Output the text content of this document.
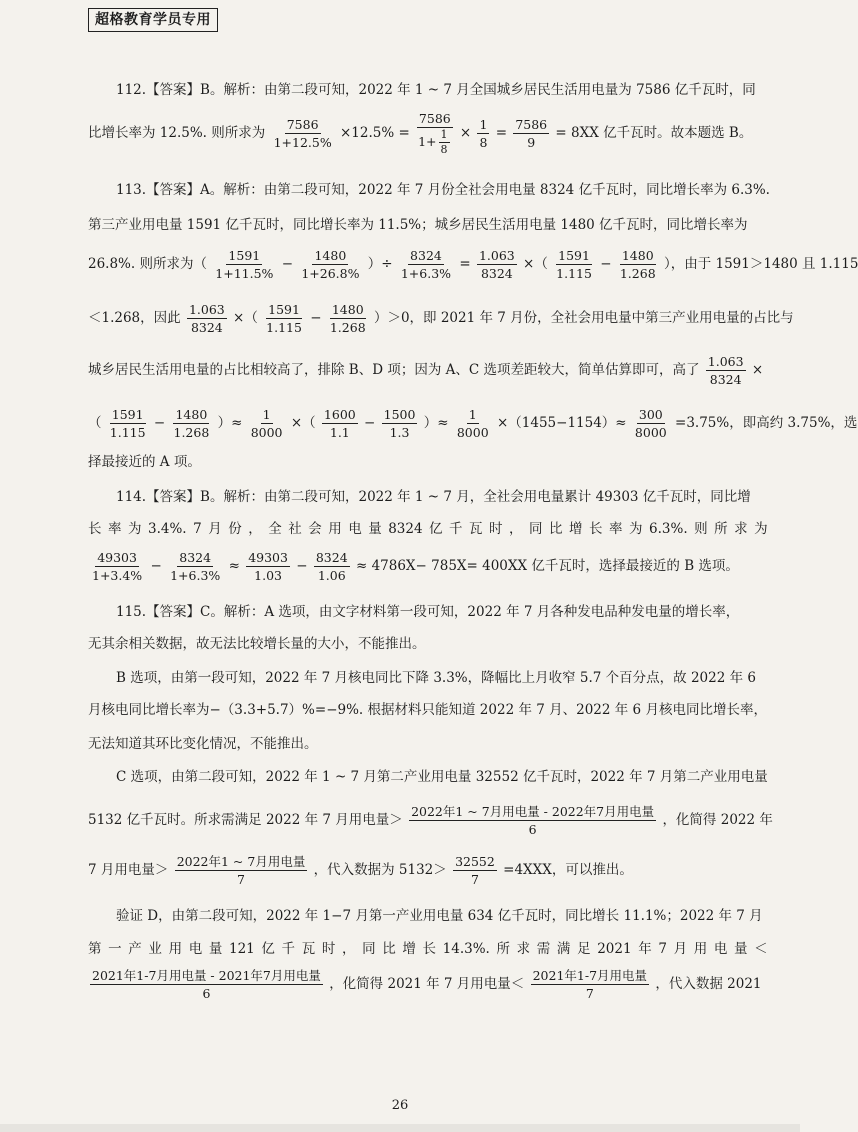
超格教育学员专用
112.【答案】B。解析：由第二段可知，2022 年 1 ~ 7 月全国城乡居民生活用电量为 7586 亿千瓦时，同
比增长率为 12.5%. 则所求为 $\frac{7586}{1+12.5\%} \times 12.5\% = \frac{7586}{1+ \frac{1}{8}} \times \frac{1}{8} = \frac{7586}{9} = 8XX$ 亿千瓦时。故本题选 B。
113.【答案】A。解析：由第二段可知，2022 年 7 月份全社会用电量 8324 亿千瓦时，同比增长率为 6.3%.
第三产业用电量 1591 亿千瓦时，同比增长率为 11.5%；城乡居民生活用电量 1480 亿千瓦时，同比增长率为
26.8%. 则所求为（ $\frac{1591}{1+11.5\%} - \frac{1480}{1+26.8\%}$ ）÷ $\frac{8324}{1+6.3\%} = \frac{1.063}{8324}$ ×（ $\frac{1591}{1.115} - \frac{1480}{1.268}$ ），由于 1591＞1480 且 1.115
＜1.268，因此 $\frac{1.063}{8324}$ ×（ $\frac{1591}{1.115} - \frac{1480}{1.268} )>0$，即 2021 年 7 月份，全社会用电量中第三产业用电量的占比与
城乡居民生活用电量的占比相较高了，排除 B、D 项；因为 A、C 选项差距较大，简单估算即可，高了 $\frac{1.063}{8324}$ ×
（ $\frac{1591}{1.115} - \frac{1480}{1.268}$ ）≈ $\frac{1}{8000}$ ×（ $\frac{1600}{1.1} - \frac{1500}{1.3}$ ）≈ $\frac{1}{8000} \times(1455-1154)\approx \frac{300}{8000} =3.75\%$，即高约 3.75%，选
择最接近的 A 项。
114.【答案】B。解析：由第二段可知，2022 年 1 ~ 7 月，全社会用电量累计 49303 亿千瓦时，同比增
长 率 为 3.4%. 7 月 份 ， 全 社 会 用 电 量 8324 亿 千 瓦 时 ， 同 比 增 长 率 为 6.3%. 则 所 求 为
$\frac{49303}{1+3.4\%} - \frac{8324}{1+6.3\%} \approx \frac{49303}{1.03} - \frac{8324}{1.06} \approx 4786X- 785X= 400XX$ 亿千瓦时，选择最接近的 B 选项。
115.【答案】C。解析：A 选项，由文字材料第一段可知，2022 年 7 月各种发电品种发电量的增长率，
无其余相关数据，故无法比较增长量的大小，不能推出。
B 选项，由第一段可知，2022 年 7 月核电同比下降 3.3%，降幅比上月收窄 5.7 个百分点，故 2022 年 6
月核电同比增长率为−（3.3+5.7）%=−9%. 根据材料只能知道 2022 年 7 月、2022 年 6 月核电同比增长率，
无法知道其环比变化情况，不能推出。
C 选项，由第二段可知，2022 年 1 ~ 7 月第二产业用电量 32552 亿千瓦时，2022 年 7 月第二产业用电量
5132 亿千瓦时。所求需满足 2022 年 7 月用电量＞ $\frac{\text{2022年1 \textasciitilde{} 7月用电量 - 2022年7月用电量}}{6}$ ，化简得 2022 年
7 月用电量＞ $\frac{\text{2022年1 \textasciitilde{} 7月用电量}}{7}$ ，代入数据为 $5132> \frac{32552}{7} =4XXX$，可以推出。
验证 D，由第二段可知，2022 年 1−7 月第一产业用电量 634 亿千瓦时，同比增长 11.1%；2022 年 7 月
第 一 产 业 用 电 量 121 亿 千 瓦 时 ， 同 比 增 长 14.3%. 所 求 需 满 足 2021 年 7 月 用 电 量 ＜
$\frac{\text{2021年1-7月用电量 - 2021年7月用电量}}{6}$ ，化简得 2021 年 7 月用电量＜ $\frac{\text{2021年1-7月用电量}}{7}$ ，代入数据 2021
26
